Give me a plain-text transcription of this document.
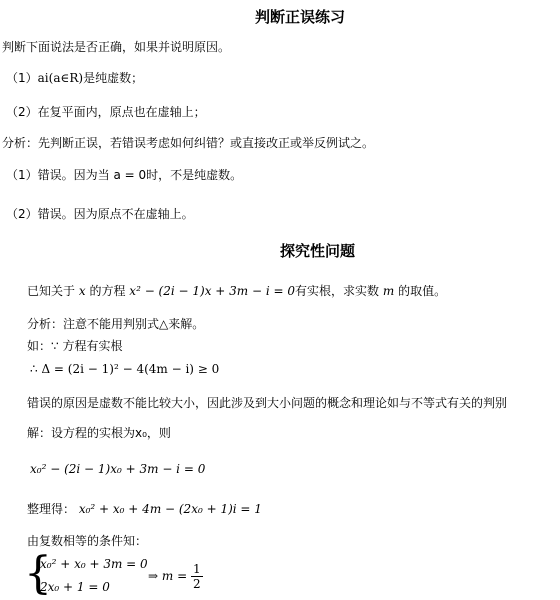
判断正误练习
判断下面说法是否正确，如果并说明原因。
（1）ai(a∈R)是纯虚数；
（2）在复平面内，原点也在虚轴上；
分析：先判断正误，若错误考虑如何纠错？或直接改正或举反例试之。
（1）错误。因为当 a = 0时，不是纯虚数。
（2）错误。因为原点不在虚轴上。
探究性问题
已知关于 x 的方程 x² − (2i − 1)x + 3m − i = 0有实根，求实数 m 的取值。
分析：注意不能用判别式△来解。
如：∵ 方程有实根
∴ Δ = (2i − 1)² − 4(4m − i) ≥ 0
错误的原因是虚数不能比较大小，因此涉及到大小问题的概念和理论如与不等式有关的判别
解：设方程的实根为x₀，则
x₀² − (2i − 1)x₀ + 3m − i = 0
整理得： x₀² + x₀ + 4m − (2x₀ + 1)i = 1
由复数相等的条件知：
{
x₀² + x₀ + 3m = 0
2x₀ + 1 = 0
⇒ $m = \frac{1}{2}$
